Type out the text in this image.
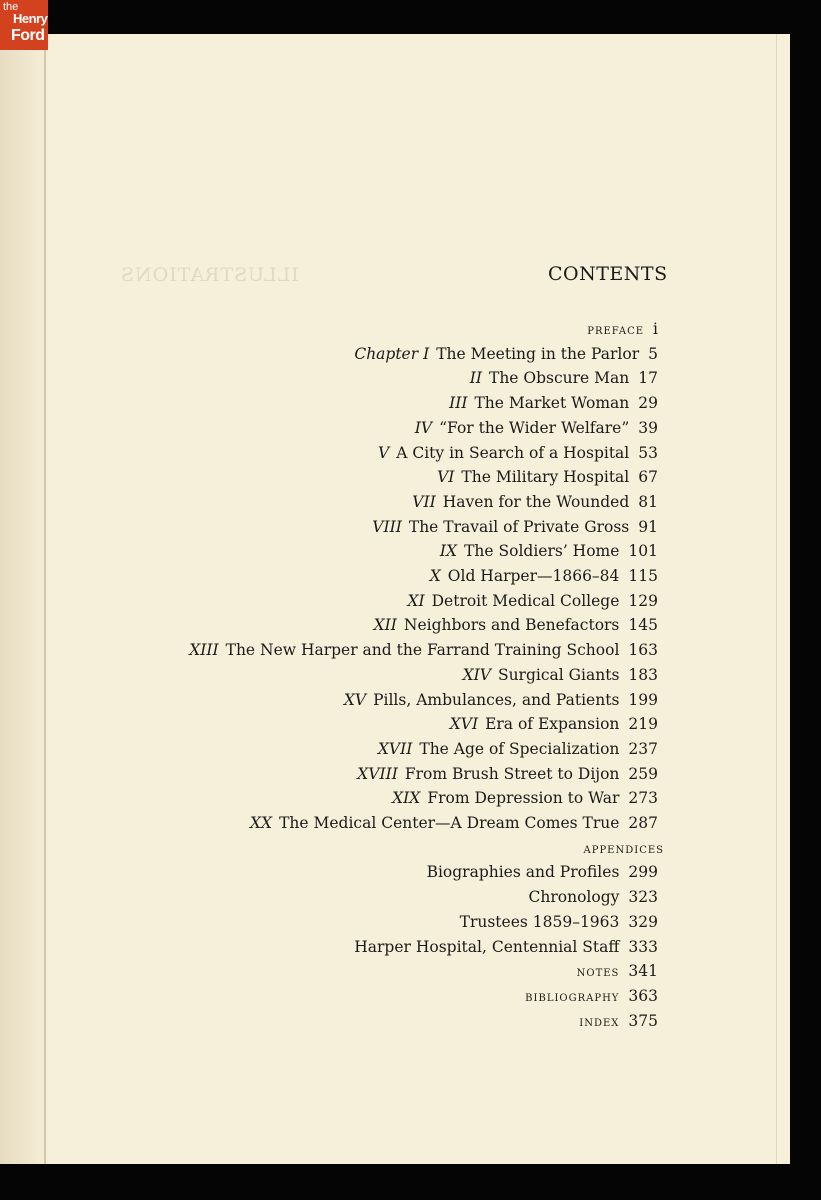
the
Henry
Ford
ILLUSTRATIONS	CONTENTS
PREFACE i
Chapter I The Meeting in the Parlor 5
II The Obscure Man 17
III The Market Woman 29
IV “For the Wider Welfare” 39
V A City in Search of a Hospital 53
VI The Military Hospital 67
VII Haven for the Wounded 81
VIII The Travail of Private Gross 91
IX The Soldiers’ Home 101
X Old Harper—1866–84 115
XI Detroit Medical College 129
XII Neighbors and Benefactors 145
XIII The New Harper and the Farrand Training School 163
XIV Surgical Giants 183
XV Pills, Ambulances, and Patients 199
XVI Era of Expansion 219
XVII The Age of Specialization 237
XVIII From Brush Street to Dijon 259
XIX From Depression to War 273
XX The Medical Center—A Dream Comes True 287
APPENDICES
Biographies and Profiles 299
Chronology 323
Trustees 1859–1963 329
Harper Hospital, Centennial Staff 333
NOTES 341
BIBLIOGRAPHY 363
INDEX 375
